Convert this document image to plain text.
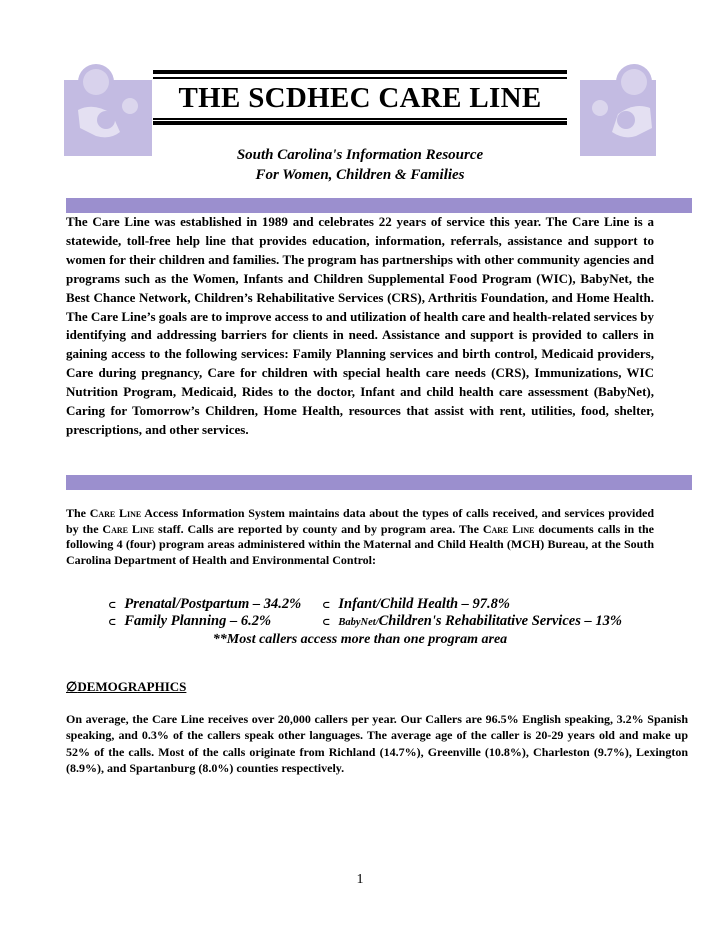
THE SCDHEC CARE LINE
South Carolina's Information Resource
For Women, Children & Families
The Care Line was established in 1989 and celebrates 22 years of service this year. The Care Line is a statewide, toll-free help line that provides education, information, referrals, assistance and support to women for their children and families. The program has partnerships with other community agencies and programs such as the Women, Infants and Children Supplemental Food Program (WIC), BabyNet, the Best Chance Network, Children’s Rehabilitative Services (CRS), Arthritis Foundation, and Home Health. The Care Line’s goals are to improve access to and utilization of health care and health-related services by identifying and addressing barriers for clients in need. Assistance and support is provided to callers in gaining access to the following services: Family Planning services and birth control, Medicaid providers, Care during pregnancy, Care for children with special health care needs (CRS), Immunizations, WIC Nutrition Program, Medicaid, Rides to the doctor, Infant and child health care assessment (BabyNet), Caring for Tomorrow’s Children, Home Health, resources that assist with rent, utilities, food, shelter, prescriptions, and other services.
The Care Line Access Information System maintains data about the types of calls received, and services provided by the Care Line staff. Calls are reported by county and by program area. The Care Line documents calls in the following 4 (four) program areas administered within the Maternal and Child Health (MCH) Bureau, at the South Carolina Department of Health and Environmental Control:
⊂ Prenatal/Postpartum – 34.2% ⊂ Infant/Child Health – 97.8%
⊂ Family Planning – 6.2%	⊂ BabyNet/Children's Rehabilitative Services – 13%
**Most callers access more than one program area
∅DEMOGRAPHICS
On average, the Care Line receives over 20,000 callers per year. Our Callers are 96.5% English speaking, 3.2% Spanish speaking, and 0.3% of the callers speak other languages. The average age of the caller is 20-29 years old and make up 52% of the calls. Most of the calls originate from Richland (14.7%), Greenville (10.8%), Charleston (9.7%), Lexington (8.9%), and Spartanburg (8.0%) counties respectively.
1
